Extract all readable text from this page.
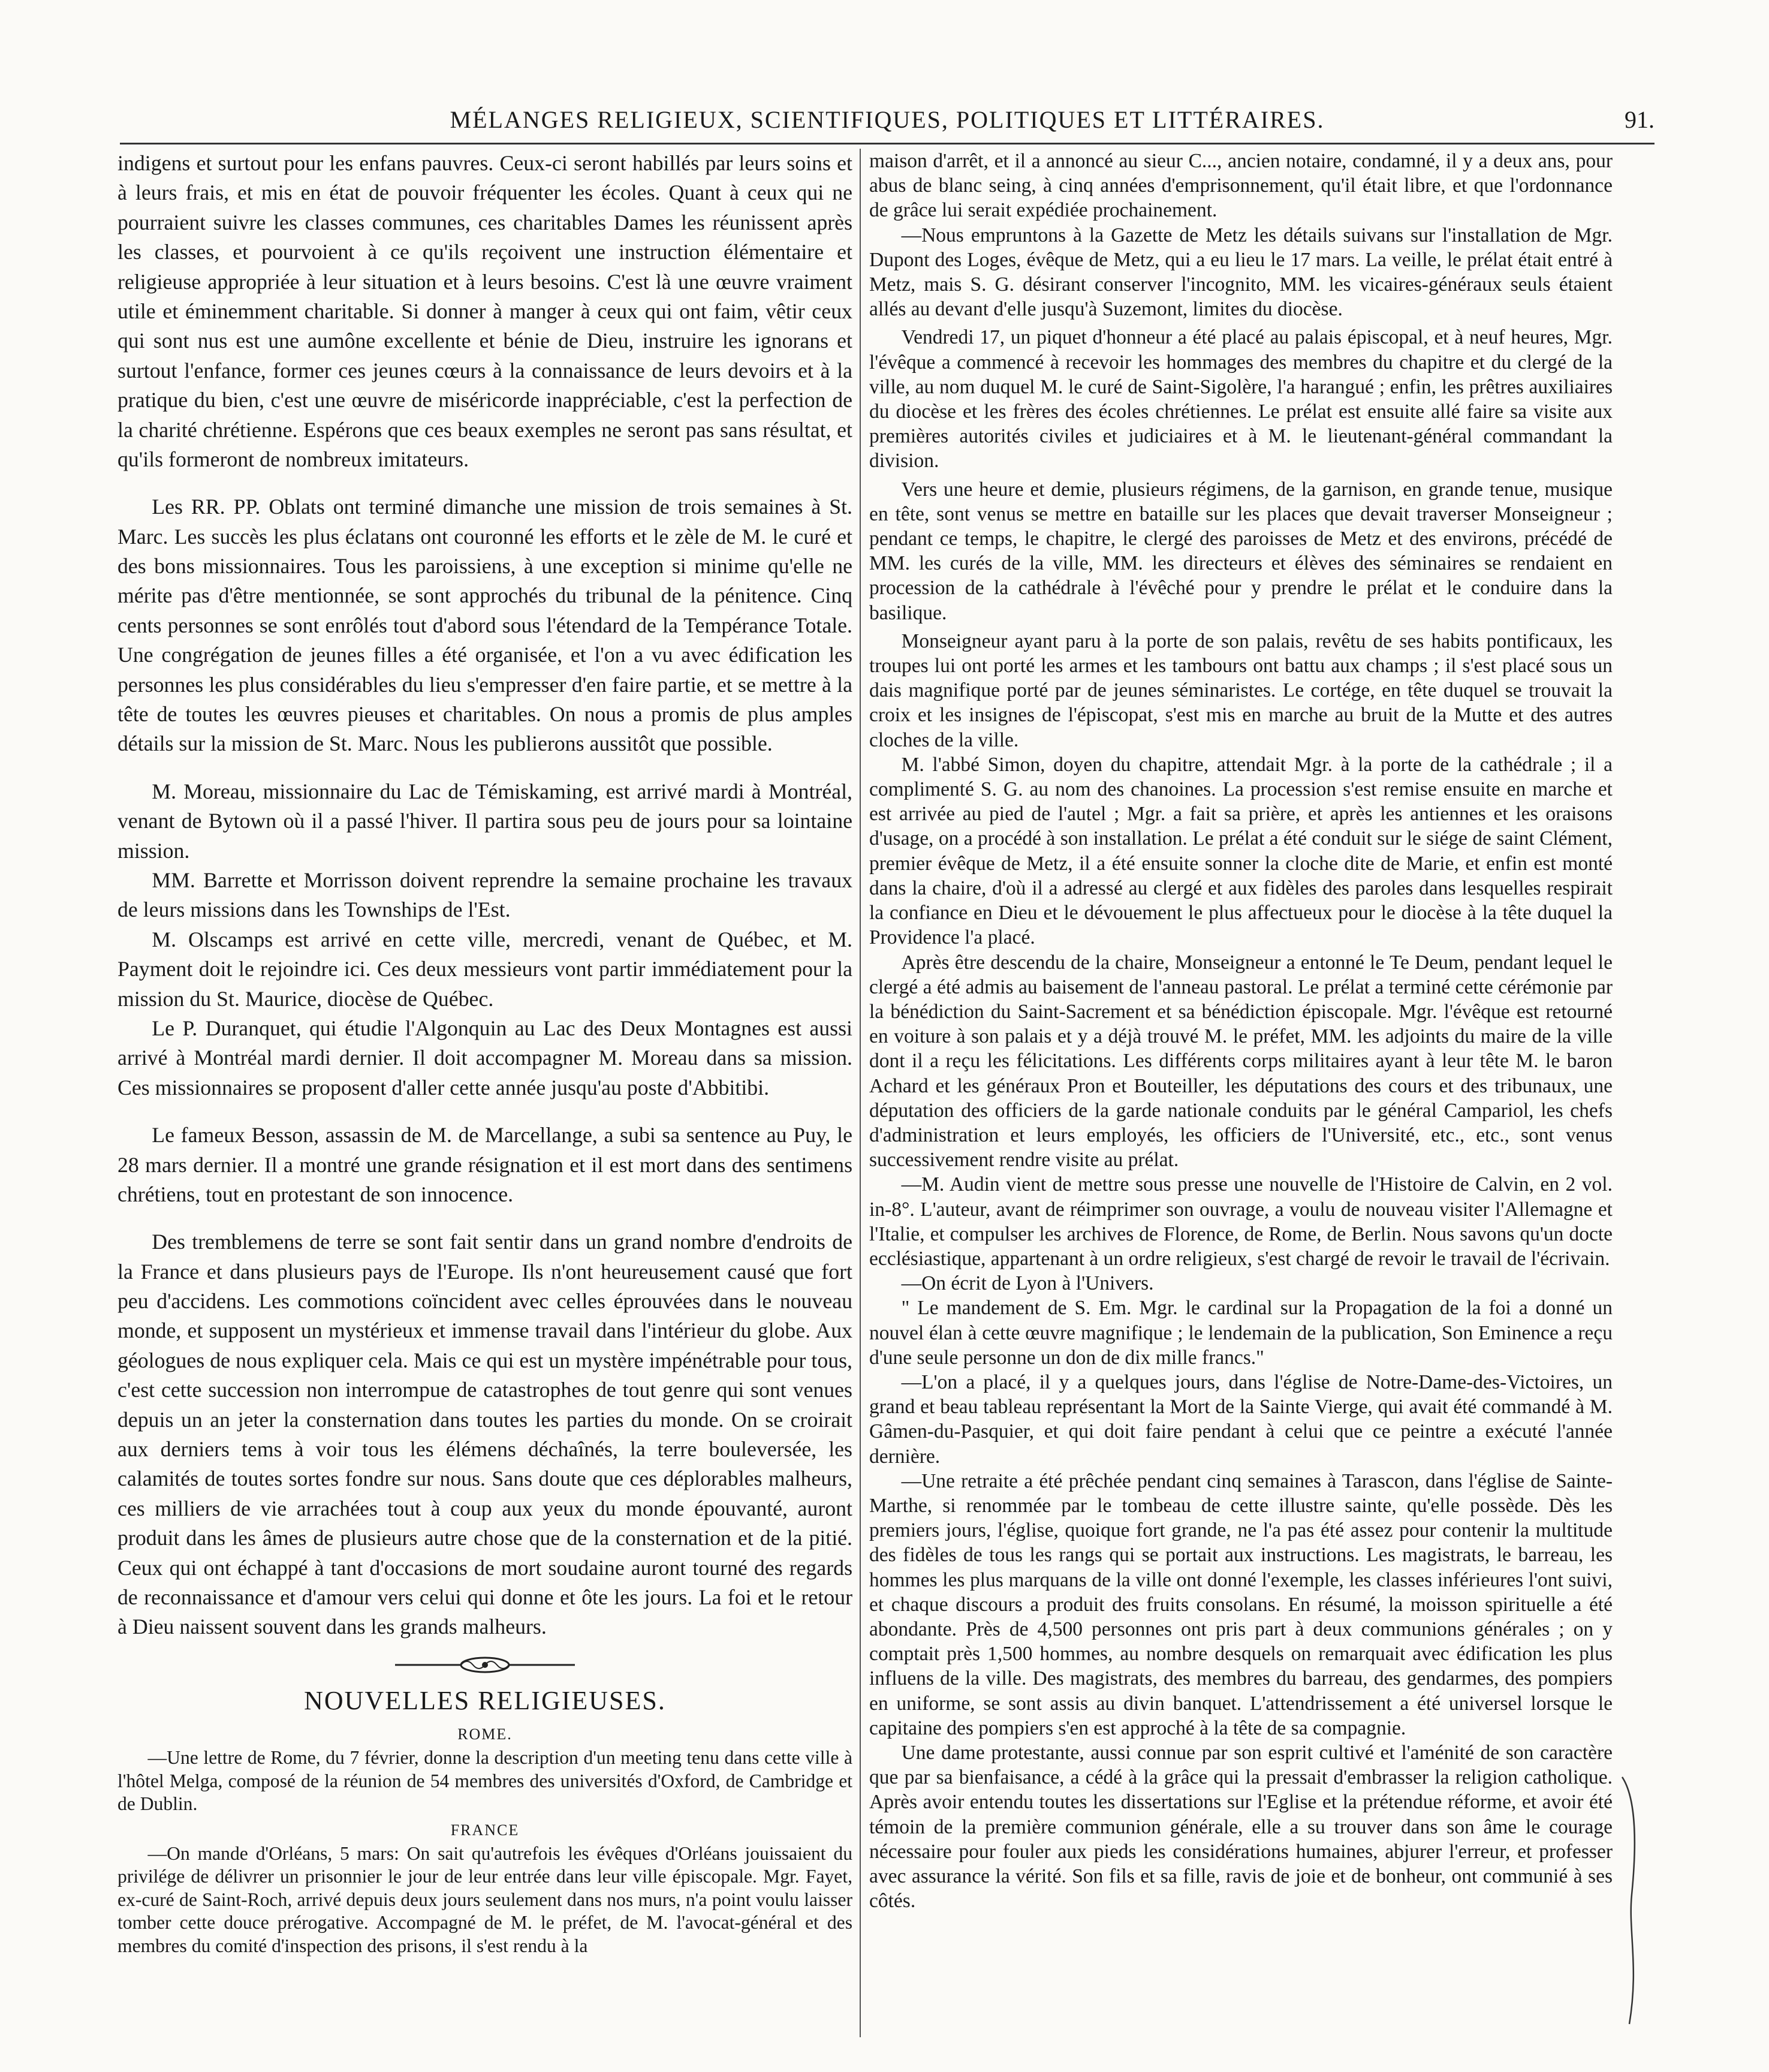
MÉLANGES RELIGIEUX, SCIENTIFIQUES, POLITIQUES ET LITTÉRAIRES.	91.

indigens et surtout pour les enfans pauvres. Ceux-ci seront habillés par leurs soins et à leurs frais, et mis en état de pouvoir fréquenter les écoles. Quant à ceux qui ne pourraient suivre les classes communes, ces charitables Dames les réunissent après les classes, et pourvoient à ce qu'ils reçoivent une instruction élémentaire et religieuse appropriée à leur situation et à leurs besoins. C'est là une œuvre vraiment utile et éminemment charitable. Si donner à manger à ceux qui ont faim, vêtir ceux qui sont nus est une aumône excellente et bénie de Dieu, instruire les ignorans et surtout l'enfance, former ces jeunes cœurs à la connaissance de leurs devoirs et à la pratique du bien, c'est une œuvre de miséricorde inappréciable, c'est la perfection de la charité chrétienne. Espérons que ces beaux exemples ne seront pas sans résultat, et qu'ils formeront de nombreux imitateurs.

Les RR. PP. Oblats ont terminé dimanche une mission de trois semaines à St. Marc. Les succès les plus éclatans ont couronné les efforts et le zèle de M. le curé et des bons missionnaires. Tous les paroissiens, à une exception si minime qu'elle ne mérite pas d'être mentionnée, se sont approchés du tribunal de la pénitence. Cinq cents personnes se sont enrôlés tout d'abord sous l'étendard de la Tempérance Totale. Une congrégation de jeunes filles a été organisée, et l'on a vu avec édification les personnes les plus considérables du lieu s'empresser d'en faire partie, et se mettre à la tête de toutes les œuvres pieuses et charitables. On nous a promis de plus amples détails sur la mission de St. Marc. Nous les publierons aussitôt que possible.

M. Moreau, missionnaire du Lac de Témiskaming, est arrivé mardi à Montréal, venant de Bytown où il a passé l'hiver. Il partira sous peu de jours pour sa lointaine mission.

MM. Barrette et Morrisson doivent reprendre la semaine prochaine les travaux de leurs missions dans les Townships de l'Est.

M. Olscamps est arrivé en cette ville, mercredi, venant de Québec, et M. Payment doit le rejoindre ici. Ces deux messieurs vont partir immédiatement pour la mission du St. Maurice, diocèse de Québec.

Le P. Duranquet, qui étudie l'Algonquin au Lac des Deux Montagnes est aussi arrivé à Montréal mardi dernier. Il doit accompagner M. Moreau dans sa mission. Ces missionnaires se proposent d'aller cette année jusqu'au poste d'Abbitibi.

Le fameux Besson, assassin de M. de Marcellange, a subi sa sentence au Puy, le 28 mars dernier. Il a montré une grande résignation et il est mort dans des sentimens chrétiens, tout en protestant de son innocence.

Des tremblemens de terre se sont fait sentir dans un grand nombre d'endroits de la France et dans plusieurs pays de l'Europe. Ils n'ont heureusement causé que fort peu d'accidens. Les commotions coïncident avec celles éprouvées dans le nouveau monde, et supposent un mystérieux et immense travail dans l'intérieur du globe. Aux géologues de nous expliquer cela. Mais ce qui est un mystère impénétrable pour tous, c'est cette succession non interrompue de catastrophes de tout genre qui sont venues depuis un an jeter la consternation dans toutes les parties du monde. On se croirait aux derniers tems à voir tous les élémens déchaînés, la terre bouleversée, les calamités de toutes sortes fondre sur nous. Sans doute que ces déplorables malheurs, ces milliers de vie arrachées tout à coup aux yeux du monde épouvanté, auront produit dans les âmes de plusieurs autre chose que de la consternation et de la pitié. Ceux qui ont échappé à tant d'occasions de mort soudaine auront tourné des regards de reconnaissance et d'amour vers celui qui donne et ôte les jours. La foi et le retour à Dieu naissent souvent dans les grands malheurs.

NOUVELLES RELIGIEUSES.
ROME.

—Une lettre de Rome, du 7 février, donne la description d'un meeting tenu dans cette ville à l'hôtel Melga, composé de la réunion de 54 membres des universités d'Oxford, de Cambridge et de Dublin.

FRANCE

—On mande d'Orléans, 5 mars: On sait qu'autrefois les évêques d'Orléans jouissaient du privilége de délivrer un prisonnier le jour de leur entrée dans leur ville épiscopale. Mgr. Fayet, ex-curé de Saint-Roch, arrivé depuis deux jours seulement dans nos murs, n'a point voulu laisser tomber cette douce prérogative. Accompagné de M. le préfet, de M. l'avocat-général et des membres du comité d'inspection des prisons, il s'est rendu à la

maison d'arrêt, et il a annoncé au sieur C..., ancien notaire, condamné, il y a deux ans, pour abus de blanc seing, à cinq années d'emprisonnement, qu'il était libre, et que l'ordonnance de grâce lui serait expédiée prochainement.

—Nous empruntons à la Gazette de Metz les détails suivans sur l'installation de Mgr. Dupont des Loges, évêque de Metz, qui a eu lieu le 17 mars. La veille, le prélat était entré à Metz, mais S. G. désirant conserver l'incognito, MM. les vicaires-généraux seuls étaient allés au devant d'elle jusqu'à Suzemont, limites du diocèse.

Vendredi 17, un piquet d'honneur a été placé au palais épiscopal, et à neuf heures, Mgr. l'évêque a commencé à recevoir les hommages des membres du chapitre et du clergé de la ville, au nom duquel M. le curé de Saint-Sigolère, l'a harangué ; enfin, les prêtres auxiliaires du diocèse et les frères des écoles chrétiennes. Le prélat est ensuite allé faire sa visite aux premières autorités civiles et judiciaires et à M. le lieutenant-général commandant la division.

Vers une heure et demie, plusieurs régimens, de la garnison, en grande tenue, musique en tête, sont venus se mettre en bataille sur les places que devait traverser Monseigneur ; pendant ce temps, le chapitre, le clergé des paroisses de Metz et des environs, précédé de MM. les curés de la ville, MM. les directeurs et élèves des séminaires se rendaient en procession de la cathédrale à l'évêché pour y prendre le prélat et le conduire dans la basilique.

Monseigneur ayant paru à la porte de son palais, revêtu de ses habits pontificaux, les troupes lui ont porté les armes et les tambours ont battu aux champs ; il s'est placé sous un dais magnifique porté par de jeunes séminaristes. Le cortége, en tête duquel se trouvait la croix et les insignes de l'épiscopat, s'est mis en marche au bruit de la Mutte et des autres cloches de la ville.

M. l'abbé Simon, doyen du chapitre, attendait Mgr. à la porte de la cathédrale ; il a complimenté S. G. au nom des chanoines. La procession s'est remise ensuite en marche et est arrivée au pied de l'autel ; Mgr. a fait sa prière, et après les antiennes et les oraisons d'usage, on a procédé à son installation. Le prélat a été conduit sur le siége de saint Clément, premier évêque de Metz, il a été ensuite sonner la cloche dite de Marie, et enfin est monté dans la chaire, d'où il a adressé au clergé et aux fidèles des paroles dans lesquelles respirait la confiance en Dieu et le dévouement le plus affectueux pour le diocèse à la tête duquel la Providence l'a placé.

Après être descendu de la chaire, Monseigneur a entonné le Te Deum, pendant lequel le clergé a été admis au baisement de l'anneau pastoral. Le prélat a terminé cette cérémonie par la bénédiction du Saint-Sacrement et sa bénédiction épiscopale. Mgr. l'évêque est retourné en voiture à son palais et y a déjà trouvé M. le préfet, MM. les adjoints du maire de la ville dont il a reçu les félicitations. Les différents corps militaires ayant à leur tête M. le baron Achard et les généraux Pron et Bouteiller, les députations des cours et des tribunaux, une députation des officiers de la garde nationale conduits par le général Campariol, les chefs d'administration et leurs employés, les officiers de l'Université, etc., etc., sont venus successivement rendre visite au prélat.

—M. Audin vient de mettre sous presse une nouvelle de l'Histoire de Calvin, en 2 vol. in-8°. L'auteur, avant de réimprimer son ouvrage, a voulu de nouveau visiter l'Allemagne et l'Italie, et compulser les archives de Florence, de Rome, de Berlin. Nous savons qu'un docte ecclésiastique, appartenant à un ordre religieux, s'est chargé de revoir le travail de l'écrivain.

—On écrit de Lyon à l'Univers.

" Le mandement de S. Em. Mgr. le cardinal sur la Propagation de la foi a donné un nouvel élan à cette œuvre magnifique ; le lendemain de la publication, Son Eminence a reçu d'une seule personne un don de dix mille francs."

—L'on a placé, il y a quelques jours, dans l'église de Notre-Dame-des-Victoires, un grand et beau tableau représentant la Mort de la Sainte Vierge, qui avait été commandé à M. Gâmen-du-Pasquier, et qui doit faire pendant à celui que ce peintre a exécuté l'année dernière.

—Une retraite a été prêchée pendant cinq semaines à Tarascon, dans l'église de Sainte-Marthe, si renommée par le tombeau de cette illustre sainte, qu'elle possède. Dès les premiers jours, l'église, quoique fort grande, ne l'a pas été assez pour contenir la multitude des fidèles de tous les rangs qui se portait aux instructions. Les magistrats, le barreau, les hommes les plus marquans de la ville ont donné l'exemple, les classes inférieures l'ont suivi, et chaque discours a produit des fruits consolans. En résumé, la moisson spirituelle a été abondante. Près de 4,500 personnes ont pris part à deux communions générales ; on y comptait près 1,500 hommes, au nombre desquels on remarquait avec édification les plus influens de la ville. Des magistrats, des membres du barreau, des gendarmes, des pompiers en uniforme, se sont assis au divin banquet. L'attendrissement a été universel lorsque le capitaine des pompiers s'en est approché à la tête de sa compagnie.

Une dame protestante, aussi connue par son esprit cultivé et l'aménité de son caractère que par sa bienfaisance, a cédé à la grâce qui la pressait d'embrasser la religion catholique. Après avoir entendu toutes les dissertations sur l'Eglise et la prétendue réforme, et avoir été témoin de la première communion générale, elle a su trouver dans son âme le courage nécessaire pour fouler aux pieds les considérations humaines, abjurer l'erreur, et professer avec assurance la vérité. Son fils et sa fille, ravis de joie et de bonheur, ont communié à ses côtés.
